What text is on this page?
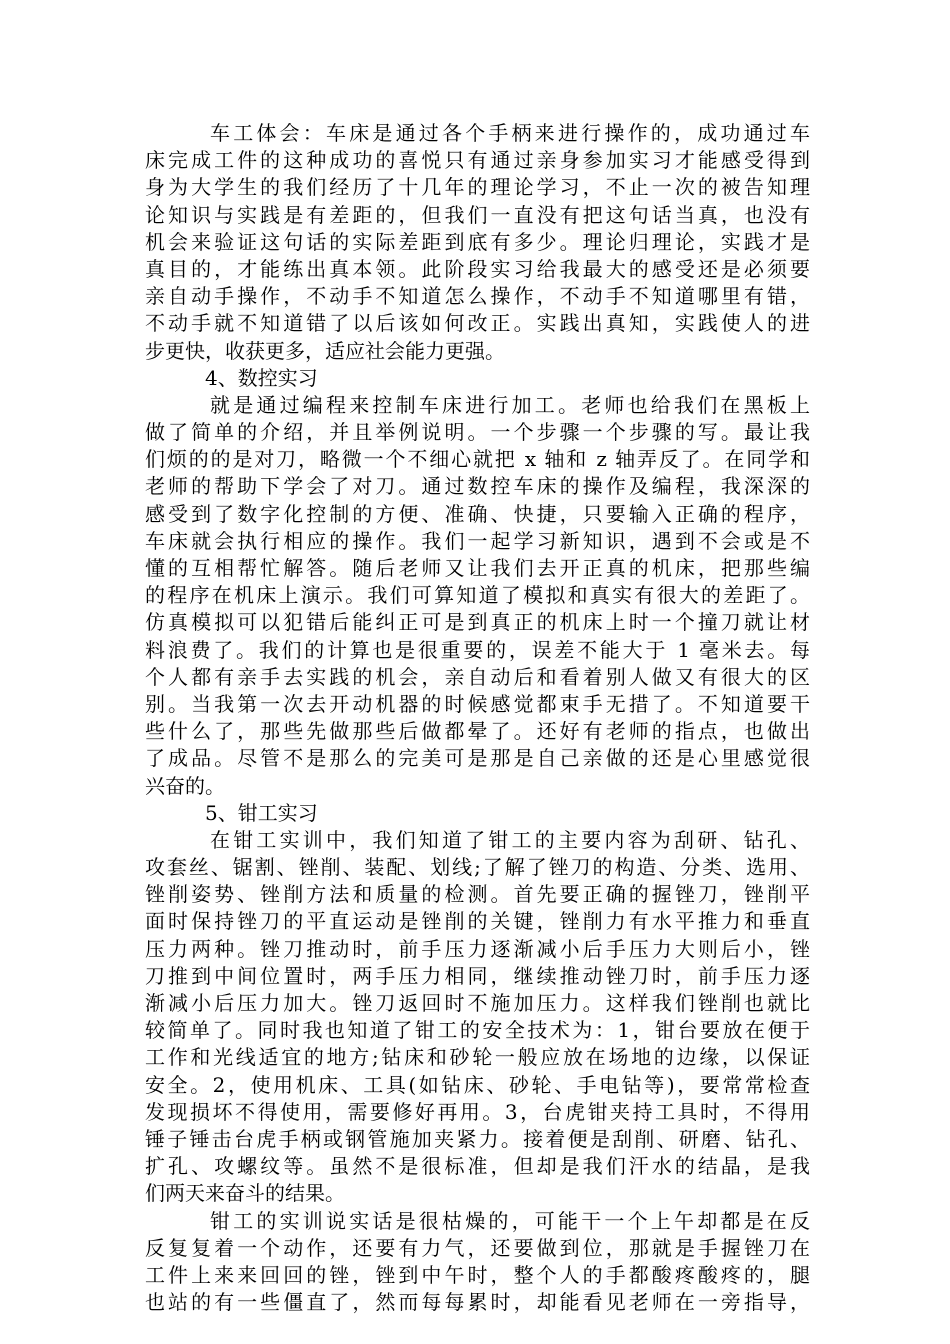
车工体会：车床是通过各个手柄来进行操作的，成功通过车
床完成工件的这种成功的喜悦只有通过亲身参加实习才能感受得到
身为大学生的我们经历了十几年的理论学习，不止一次的被告知理
论知识与实践是有差距的，但我们一直没有把这句话当真，也没有
机会来验证这句话的实际差距到底有多少。理论归理论，实践才是
真目的，才能练出真本领。此阶段实习给我最大的感受还是必须要
亲自动手操作，不动手不知道怎么操作，不动手不知道哪里有错，
不动手就不知道错了以后该如何改正。实践出真知，实践使人的进
步更快，收获更多，适应社会能力更强。
4、数控实习
就是通过编程来控制车床进行加工。老师也给我们在黑板上
做了简单的介绍，并且举例说明。一个步骤一个步骤的写。最让我
们烦的的是对刀，略微一个不细心就把 x 轴和 z 轴弄反了。在同学和
老师的帮助下学会了对刀。通过数控车床的操作及编程，我深深的
感受到了数字化控制的方便、准确、快捷，只要输入正确的程序，
车床就会执行相应的操作。我们一起学习新知识，遇到不会或是不
懂的互相帮忙解答。随后老师又让我们去开正真的机床，把那些编
的程序在机床上演示。我们可算知道了模拟和真实有很大的差距了。
仿真模拟可以犯错后能纠正可是到真正的机床上时一个撞刀就让材
料浪费了。我们的计算也是很重要的，误差不能大于 1 毫米去。每
个人都有亲手去实践的机会，亲自动后和看着别人做又有很大的区
别。当我第一次去开动机器的时候感觉都束手无措了。不知道要干
些什么了，那些先做那些后做都晕了。还好有老师的指点，也做出
了成品。尽管不是那么的完美可是那是自己亲做的还是心里感觉很
兴奋的。
5、钳工实习
在钳工实训中，我们知道了钳工的主要内容为刮研、钻孔、
攻套丝、锯割、锉削、装配、划线;了解了锉刀的构造、分类、选用、
锉削姿势、锉削方法和质量的检测。首先要正确的握锉刀，锉削平
面时保持锉刀的平直运动是锉削的关键，锉削力有水平推力和垂直
压力两种。锉刀推动时，前手压力逐渐减小后手压力大则后小，锉
刀推到中间位置时，两手压力相同，继续推动锉刀时，前手压力逐
渐减小后压力加大。锉刀返回时不施加压力。这样我们锉削也就比
较简单了。同时我也知道了钳工的安全技术为：1，钳台要放在便于
工作和光线适宜的地方;钻床和砂轮一般应放在场地的边缘，以保证
安全。2，使用机床、工具(如钻床、砂轮、手电钻等)，要常常检查
发现损坏不得使用，需要修好再用。3，台虎钳夹持工具时，不得用
锤子锤击台虎手柄或钢管施加夹紧力。接着便是刮削、研磨、钻孔、
扩孔、攻螺纹等。虽然不是很标准，但却是我们汗水的结晶，是我
们两天来奋斗的结果。
钳工的实训说实话是很枯燥的，可能干一个上午却都是在反
反复复着一个动作，还要有力气，还要做到位，那就是手握锉刀在
工件上来来回回的锉，锉到中午时，整个人的手都酸疼酸疼的，腿
也站的有一些僵直了，然而每每累时，却能看见老师在一旁指导，
